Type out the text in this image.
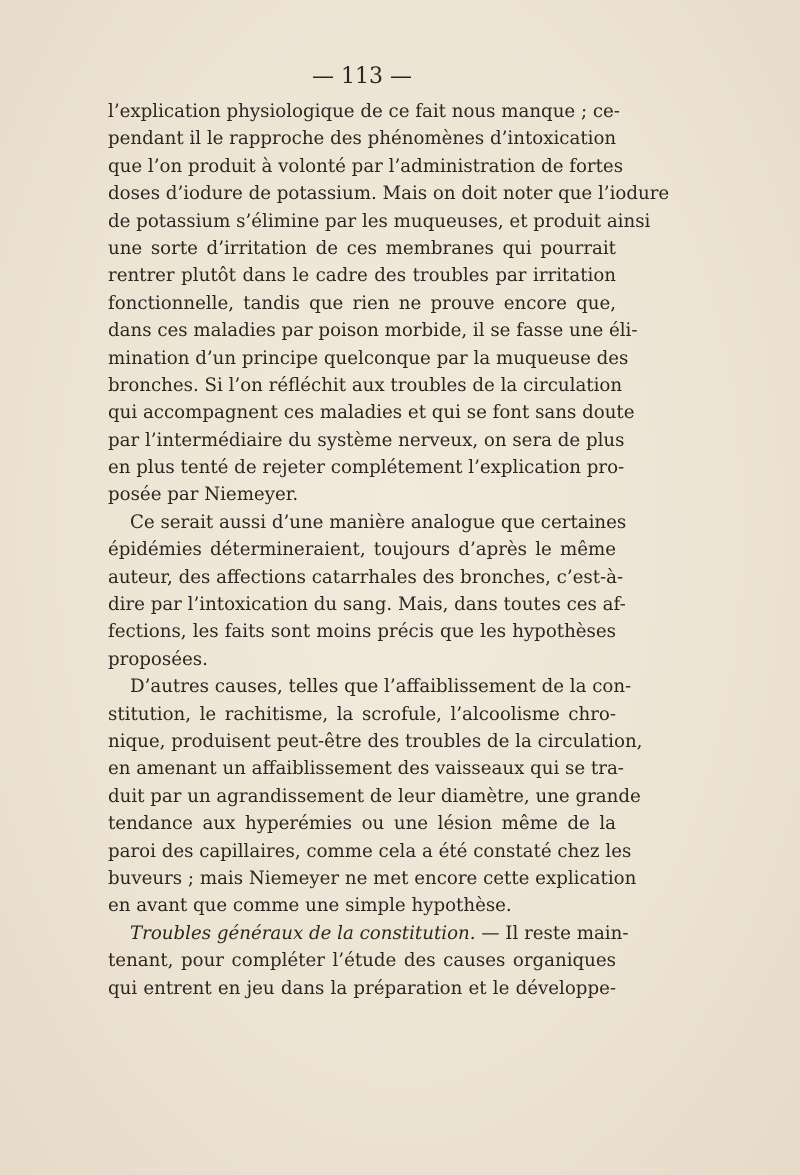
— 113 —
l’explication physiologique de ce fait nous manque ; ce-
pendant il le rapproche des phénomènes d’intoxication
que l’on produit à volonté par l’administration de fortes
doses d’iodure de potassium. Mais on doit noter que l’iodure
de potassium s’élimine par les muqueuses, et produit ainsi
une sorte d’irritation de ces membranes qui pourrait
rentrer plutôt dans le cadre des troubles par irritation
fonctionnelle, tandis que rien ne prouve encore que,
dans ces maladies par poison morbide, il se fasse une éli-
mination d’un principe quelconque par la muqueuse des
bronches. Si l’on réfléchit aux troubles de la circulation
qui accompagnent ces maladies et qui se font sans doute
par l’intermédiaire du système nerveux, on sera de plus
en plus tenté de rejeter complétement l’explication pro-
posée par Niemeyer.
Ce serait aussi d’une manière analogue que certaines
épidémies détermineraient, toujours d’après le même
auteur, des affections catarrhales des bronches, c’est-à-
dire par l’intoxication du sang. Mais, dans toutes ces af-
fections, les faits sont moins précis que les hypothèses
proposées.
D’autres causes, telles que l’affaiblissement de la con-
stitution, le rachitisme, la scrofule, l’alcoolisme chro-
nique, produisent peut-être des troubles de la circulation,
en amenant un affaiblissement des vaisseaux qui se tra-
duit par un agrandissement de leur diamètre, une grande
tendance aux hyperémies ou une lésion même de la
paroi des capillaires, comme cela a été constaté chez les
buveurs ; mais Niemeyer ne met encore cette explication
en avant que comme une simple hypothèse.
Troubles généraux de la constitution. — Il reste main-
tenant, pour compléter l’étude des causes organiques
qui entrent en jeu dans la préparation et le développe-
